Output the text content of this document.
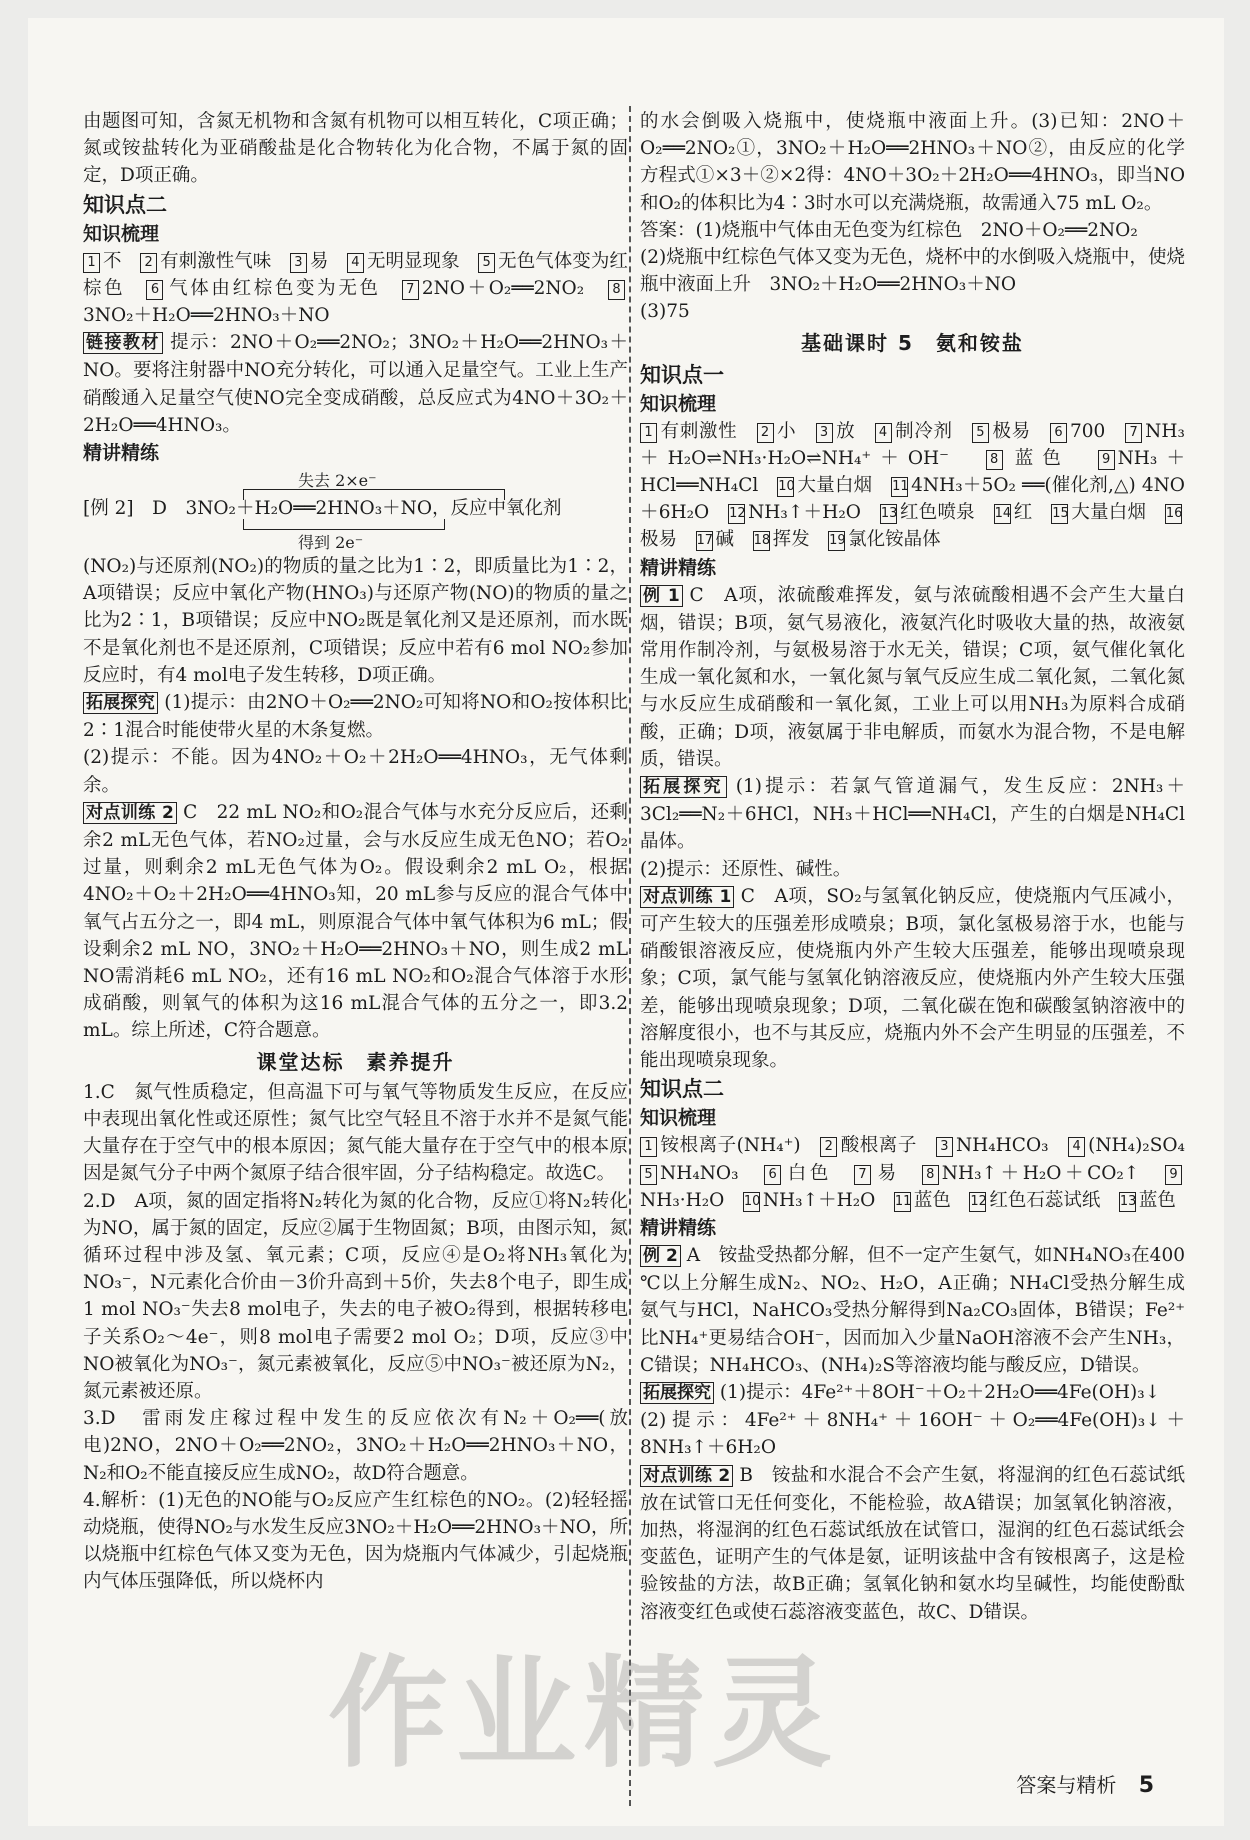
由题图可知，含氮无机物和含氮有机物可以相互转化，C项正确；氮或铵盐转化为亚硝酸盐是化合物转化为化合物，不属于氮的固定，D项正确。

知识点二
知识梳理

1 不　 2 有刺激性气味　 3 易　 4 无明显现象　 5 无色气体变为红棕色　 6 气体由红棕色变为无色　 7 2NO＋O₂══2NO₂　 83NO₂＋H₂O══2HNO₃＋NO　

链接教材 提示：2NO＋O₂══2NO₂；3NO₂＋H₂O══2HNO₃＋NO。要将注射器中NO充分转化，可以通入足量空气。工业上生产硝酸通入足量空气使NO完全变成硝酸，总反应式为4NO＋3O₂＋2H₂O══4HNO₃。

精讲精练
失去 2×e⁻
得到 2e⁻
[例 2]　D　 3NO₂＋H₂O══2HNO₃＋NO，反应中氧化剂

(NO₂)与还原剂(NO₂)的物质的量之比为1∶2，即质量比为1∶2，A项错误；反应中氧化产物(HNO₃)与还原产物(NO)的物质的量之比为2∶1，B项错误；反应中NO₂既是氧化剂又是还原剂，而水既不是氧化剂也不是还原剂，C项错误；反应中若有6 mol NO₂参加反应时，有4 mol电子发生转移，D项正确。

拓展探究 (1)提示：由2NO＋O₂══2NO₂可知将NO和O₂按体积比2∶1混合时能使带火星的木条复燃。

(2)提示：不能。因为4NO₂＋O₂＋2H₂O══4HNO₃，无气体剩余。

对点训练 2 C　22 mL NO₂和O₂混合气体与水充分反应后，还剩余2 mL无色气体，若NO₂过量，会与水反应生成无色NO；若O₂过量，则剩余2 mL无色气体为O₂。假设剩余2 mL O₂，根据4NO₂＋O₂＋2H₂O══4HNO₃知，20 mL参与反应的混合气体中氧气占五分之一，即4 mL，则原混合气体中氧气体积为6 mL；假设剩余2 mL NO，3NO₂＋H₂O══2HNO₃＋NO，则生成2 mL NO需消耗6 mL NO₂，还有16 mL NO₂和O₂混合气体溶于水形成硝酸，则氧气的体积为这16 mL混合气体的五分之一，即3.2 mL。综上所述，C符合题意。

课堂达标　素养提升

1.C　氮气性质稳定，但高温下可与氧气等物质发生反应，在反应中表现出氧化性或还原性；氮气比空气轻且不溶于水并不是氮气能大量存在于空气中的根本原因；氮气能大量存在于空气中的根本原因是氮气分子中两个氮原子结合很牢固，分子结构稳定。故选C。

2.D　A项，氮的固定指将N₂转化为氮的化合物，反应①将N₂转化为NO，属于氮的固定，反应②属于生物固氮；B项，由图示知，氮循环过程中涉及氢、氧元素；C项，反应④是O₂将NH₃氧化为NO₃⁻，N元素化合价由－3价升高到＋5价，失去8个电子，即生成1 mol NO₃⁻失去8 mol电子，失去的电子被O₂得到，根据转移电子关系O₂～4e⁻，则8 mol电子需要2 mol O₂；D项，反应③中NO被氧化为NO₃⁻，氮元素被氧化，反应⑤中NO₃⁻被还原为N₂，氮元素被还原。

3.D　雷雨发庄稼过程中发生的反应依次有N₂＋O₂══(放电)2NO，2NO＋O₂══2NO₂，3NO₂＋H₂O══2HNO₃＋NO，N₂和O₂不能直接反应生成NO₂，故D符合题意。

4.解析：(1)无色的NO能与O₂反应产生红棕色的NO₂。(2)轻轻摇动烧瓶，使得NO₂与水发生反应3NO₂＋H₂O══2HNO₃＋NO，所以烧瓶中红棕色气体又变为无色，因为烧瓶内气体减少，引起烧瓶内气体压强降低，所以烧杯内

的水会倒吸入烧瓶中，使烧瓶中液面上升。(3)已知：2NO＋O₂══2NO₂①，3NO₂＋H₂O══2HNO₃＋NO②，由反应的化学方程式①×3＋②×2得：4NO＋3O₂＋2H₂O══4HNO₃，即当NO和O₂的体积比为4∶3时水可以充满烧瓶，故需通入75 mL O₂。

答案：(1)烧瓶中气体由无色变为红棕色　2NO＋O₂══2NO₂

(2)烧瓶中红棕色气体又变为无色，烧杯中的水倒吸入烧瓶中，使烧瓶中液面上升　3NO₂＋H₂O══2HNO₃＋NO

(3)75

基础课时 5　氨和铵盐
知识点一
知识梳理

1 有刺激性　 2 小　 3 放　 4 制冷剂　 5 极易　 6 700　 7 NH₃＋H₂O⇌NH₃·H₂O⇌NH₄⁺＋OH⁻　	8 蓝色　 9 NH₃＋HCl══NH₄Cl　 10 大量白烟　 11 4NH₃＋5O₂ ══(催化剂,△) 4NO＋6H₂O　 12 NH₃↑＋H₂O　 13 红色喷泉　 14 红　 15 大量白烟　 16极易　 17 碱　 18 挥发　 19 氯化铵晶体　

精讲精练

例 1 C　A项，浓硫酸难挥发，氨与浓硫酸相遇不会产生大量白烟，错误；B项，氨气易液化，液氨汽化时吸收大量的热，故液氨常用作制冷剂，与氨极易溶于水无关，错误；C项，氨气催化氧化生成一氧化氮和水，一氧化氮与氧气反应生成二氧化氮，二氧化氮与水反应生成硝酸和一氧化氮，工业上可以用NH₃为原料合成硝酸，正确；D项，液氨属于非电解质，而氨水为混合物，不是电解质，错误。

拓展探究 (1)提示：若氯气管道漏气，发生反应：2NH₃＋3Cl₂══N₂＋6HCl，NH₃＋HCl══NH₄Cl，产生的白烟是NH₄Cl晶体。

(2)提示：还原性、碱性。

对点训练 1 C　A项，SO₂与氢氧化钠反应，使烧瓶内气压减小，可产生较大的压强差形成喷泉；B项，氯化氢极易溶于水，也能与硝酸银溶液反应，使烧瓶内外产生较大压强差，能够出现喷泉现象；C项，氯气能与氢氧化钠溶液反应，使烧瓶内外产生较大压强差，能够出现喷泉现象；D项，二氧化碳在饱和碳酸氢钠溶液中的溶解度很小，也不与其反应，烧瓶内外不会产生明显的压强差，不能出现喷泉现象。

知识点二
知识梳理

1 铵根离子(NH₄⁺)　 2 酸根离子　 3 NH₄HCO₃　 4 (NH₄)₂SO₄　5 NH₄NO₃　 6 白色　 7 易　 8 NH₃↑＋H₂O＋CO₂↑　 9NH₃·H₂O　 10 NH₃↑＋H₂O　 11 蓝色　 12 红色石蕊试纸　 13 蓝色　

精讲精练

例 2 A　铵盐受热都分解，但不一定产生氨气，如NH₄NO₃在400 ℃以上分解生成N₂、NO₂、H₂O，A正确；NH₄Cl受热分解生成氨气与HCl，NaHCO₃受热分解得到Na₂CO₃固体，B错误；Fe²⁺比NH₄⁺更易结合OH⁻，因而加入少量NaOH溶液不会产生NH₃，C错误；NH₄HCO₃、(NH₄)₂S等溶液均能与酸反应，D错误。

拓展探究 (1)提示：4Fe²⁺＋8OH⁻＋O₂＋2H₂O══4Fe(OH)₃↓

(2)提示：4Fe²⁺＋8NH₄⁺＋16OH⁻＋O₂══4Fe(OH)₃↓＋8NH₃↑＋6H₂O

对点训练 2 B　铵盐和水混合不会产生氨，将湿润的红色石蕊试纸放在试管口无任何变化，不能检验，故A错误；加氢氧化钠溶液，加热，将湿润的红色石蕊试纸放在试管口，湿润的红色石蕊试纸会变蓝色，证明产生的气体是氨，证明该盐中含有铵根离子，这是检验铵盐的方法，故B正确；氢氧化钠和氨水均呈碱性，均能使酚酞溶液变红色或使石蕊溶液变蓝色，故C、D错误。

作业精灵
答案与精析 5
